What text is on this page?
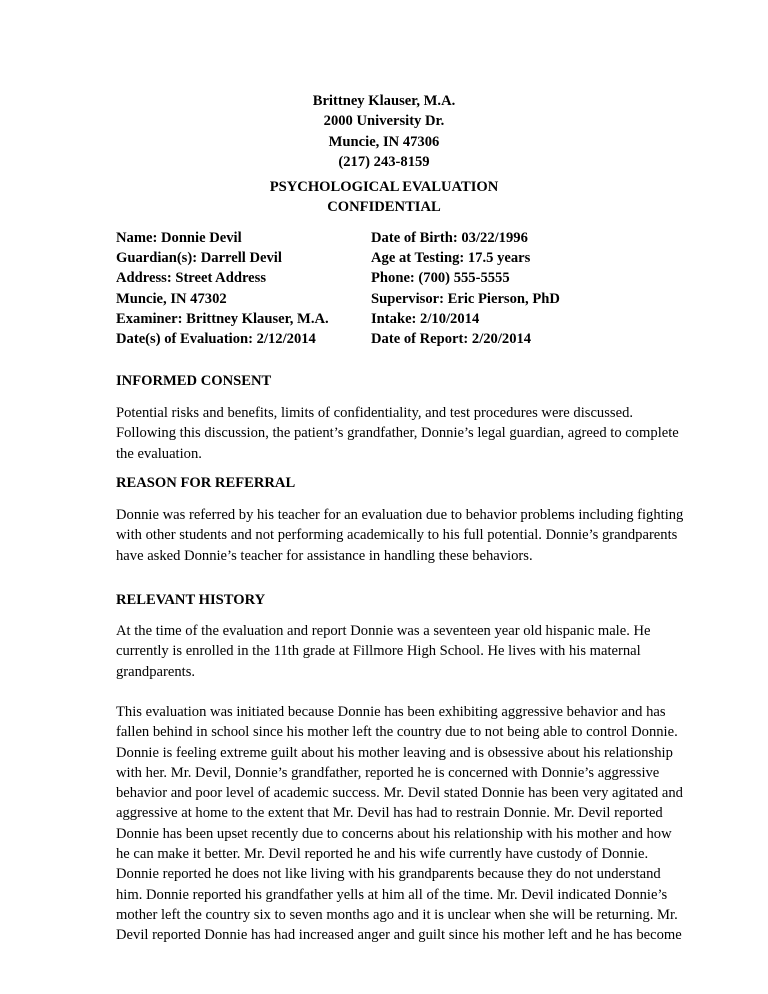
Brittney Klauser, M.A.
2000 University Dr.
Muncie, IN 47306
(217) 243-8159
PSYCHOLOGICAL EVALUATION
CONFIDENTIAL
Name: Donnie Devil
Guardian(s): Darrell Devil
Address: Street Address
Muncie, IN 47302
Examiner: Brittney Klauser, M.A.
Date(s) of Evaluation: 2/12/2014
Date of Birth: 03/22/1996
Age at Testing: 17.5 years
Phone: (700) 555-5555
Supervisor: Eric Pierson, PhD
Intake: 2/10/2014
Date of Report: 2/20/2014
INFORMED CONSENT

Potential risks and benefits, limits of confidentiality, and test procedures were discussed.
Following this discussion, the patient’s grandfather, Donnie’s legal guardian, agreed to complete
the evaluation.

REASON FOR REFERRAL

Donnie was referred by his teacher for an evaluation due to behavior problems including fighting
with other students and not performing academically to his full potential. Donnie’s grandparents
have asked Donnie’s teacher for assistance in handling these behaviors.

RELEVANT HISTORY

At the time of the evaluation and report Donnie was a seventeen year old hispanic male. He
currently is enrolled in the 11th grade at Fillmore High School. He lives with his maternal
grandparents.

This evaluation was initiated because Donnie has been exhibiting aggressive behavior and has
fallen behind in school since his mother left the country due to not being able to control Donnie.
Donnie is feeling extreme guilt about his mother leaving and is obsessive about his relationship
with her. Mr. Devil, Donnie’s grandfather, reported he is concerned with Donnie’s aggressive
behavior and poor level of academic success. Mr. Devil stated Donnie has been very agitated and
aggressive at home to the extent that Mr. Devil has had to restrain Donnie. Mr. Devil reported
Donnie has been upset recently due to concerns about his relationship with his mother and how
he can make it better. Mr. Devil reported he and his wife currently have custody of Donnie.
Donnie reported he does not like living with his grandparents because they do not understand
him. Donnie reported his grandfather yells at him all of the time. Mr. Devil indicated Donnie’s
mother left the country six to seven months ago and it is unclear when she will be returning. Mr.
Devil reported Donnie has had increased anger and guilt since his mother left and he has become
